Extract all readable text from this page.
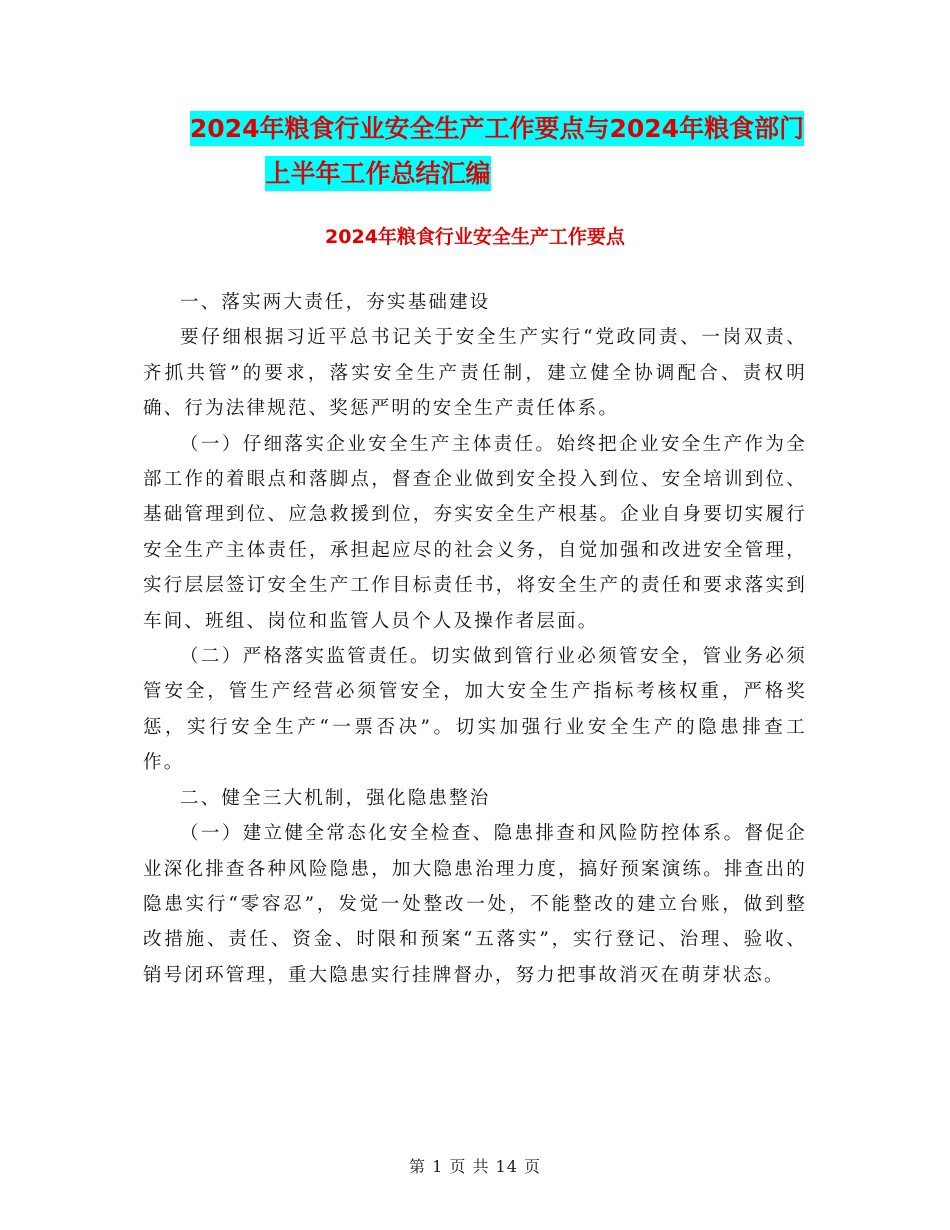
2024年粮食行业安全生产工作要点与2024年粮食部门
上半年工作总结汇编
2024年粮食行业安全生产工作要点

一、落实两大责任，夯实基础建设

要仔细根据习近平总书记关于安全生产实行“党政同责、一岗双责、齐抓共管”的要求，落实安全生产责任制，建立健全协调配合、责权明确、行为法律规范、奖惩严明的安全生产责任体系。

（一）仔细落实企业安全生产主体责任。始终把企业安全生产作为全部工作的着眼点和落脚点，督查企业做到安全投入到位、安全培训到位、基础管理到位、应急救援到位，夯实安全生产根基。企业自身要切实履行安全生产主体责任，承担起应尽的社会义务，自觉加强和改进安全管理，实行层层签订安全生产工作目标责任书，将安全生产的责任和要求落实到车间、班组、岗位和监管人员个人及操作者层面。

（二）严格落实监管责任。切实做到管行业必须管安全，管业务必须管安全，管生产经营必须管安全，加大安全生产指标考核权重，严格奖惩，实行安全生产“一票否决”。切实加强行业安全生产的隐患排查工作。

二、健全三大机制，强化隐患整治

（一）建立健全常态化安全检查、隐患排查和风险防控体系。督促企业深化排查各种风险隐患，加大隐患治理力度，搞好预案演练。排查出的隐患实行“零容忍”，发觉一处整改一处，不能整改的建立台账，做到整改措施、责任、资金、时限和预案“五落实”，实行登记、治理、验收、销号闭环管理，重大隐患实行挂牌督办，努力把事故消灭在萌芽状态。

第 1 页 共 14 页
